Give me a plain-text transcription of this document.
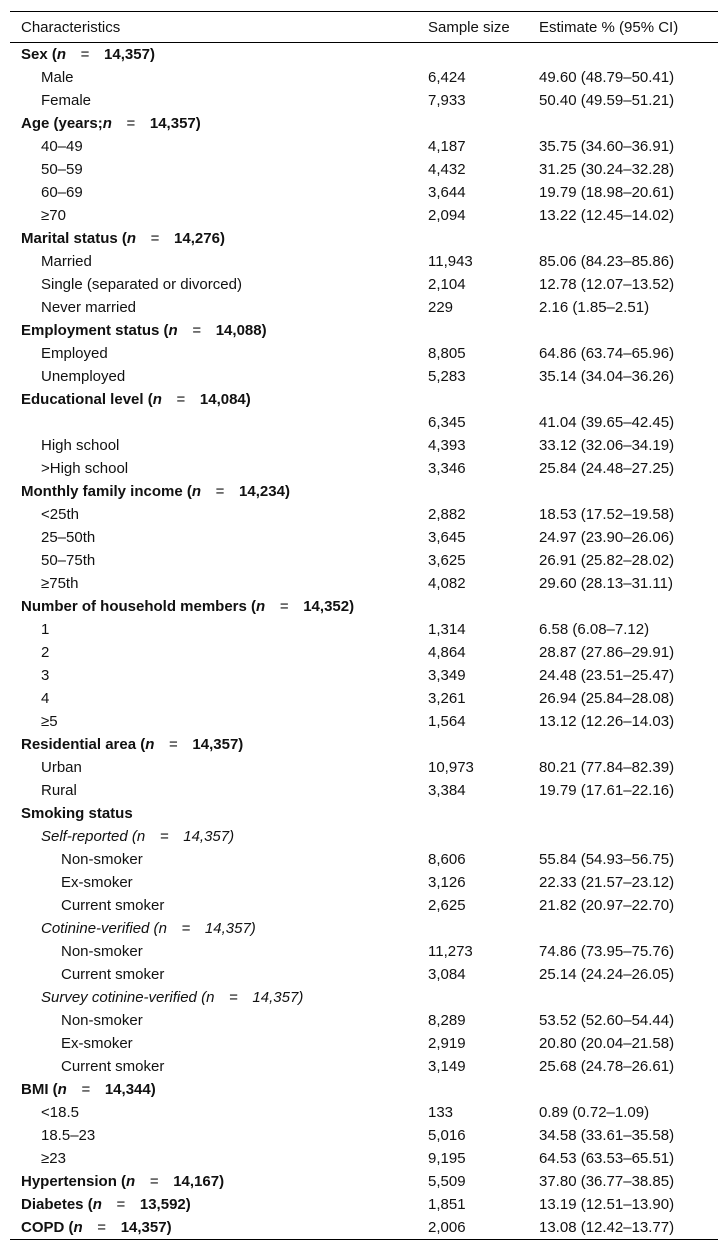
Characteristics	Sample size	Estimate % (95% CI)
Sex (n = 14,357)		
Male	6,424	49.60 (48.79–50.41)
Female	7,933	50.40 (49.59–51.21)
Age (years;n = 14,357)		
40–49	4,187	35.75 (34.60–36.91)
50–59	4,432	31.25 (30.24–32.28)
60–69	3,644	19.79 (18.98–20.61)
≥70	2,094	13.22 (12.45–14.02)
Marital status (n = 14,276)		
Married	11,943	85.06 (84.23–85.86)
Single (separated or divorced)	2,104	12.78 (12.07–13.52)
Never married	229	2.16 (1.85–2.51)
Employment status (n = 14,088)		
Employed	8,805	64.86 (63.74–65.96)
Unemployed	5,283	35.14 (34.04–36.26)
Educational level (n = 14,084)		
	6,345	41.04 (39.65–42.45)
High school	4,393	33.12 (32.06–34.19)
>High school	3,346	25.84 (24.48–27.25)
Monthly family income (n = 14,234)		
<25th	2,882	18.53 (17.52–19.58)
25–50th	3,645	24.97 (23.90–26.06)
50–75th	3,625	26.91 (25.82–28.02)
≥75th	4,082	29.60 (28.13–31.11)
Number of household members (n = 14,352)		
1	1,314	6.58 (6.08–7.12)
2	4,864	28.87 (27.86–29.91)
3	3,349	24.48 (23.51–25.47)
4	3,261	26.94 (25.84–28.08)
≥5	1,564	13.12 (12.26–14.03)
Residential area (n = 14,357)		
Urban	10,973	80.21 (77.84–82.39)
Rural	3,384	19.79 (17.61–22.16)
Smoking status		
Self-reported (n = 14,357)		
Non-smoker	8,606	55.84 (54.93–56.75)
Ex-smoker	3,126	22.33 (21.57–23.12)
Current smoker	2,625	21.82 (20.97–22.70)
Cotinine-verified (n = 14,357)		
Non-smoker	11,273	74.86 (73.95–75.76)
Current smoker	3,084	25.14 (24.24–26.05)
Survey cotinine-verified (n = 14,357)		
Non-smoker	8,289	53.52 (52.60–54.44)
Ex-smoker	2,919	20.80 (20.04–21.58)
Current smoker	3,149	25.68 (24.78–26.61)
BMI (n = 14,344)		
<18.5	133	0.89 (0.72–1.09)
18.5–23	5,016	34.58 (33.61–35.58)
≥23	9,195	64.53 (63.53–65.51)
Hypertension (n = 14,167)	5,509	37.80 (36.77–38.85)
Diabetes (n = 13,592)	1,851	13.19 (12.51–13.90)
COPD (n = 14,357)	2,006	13.08 (12.42–13.77)
